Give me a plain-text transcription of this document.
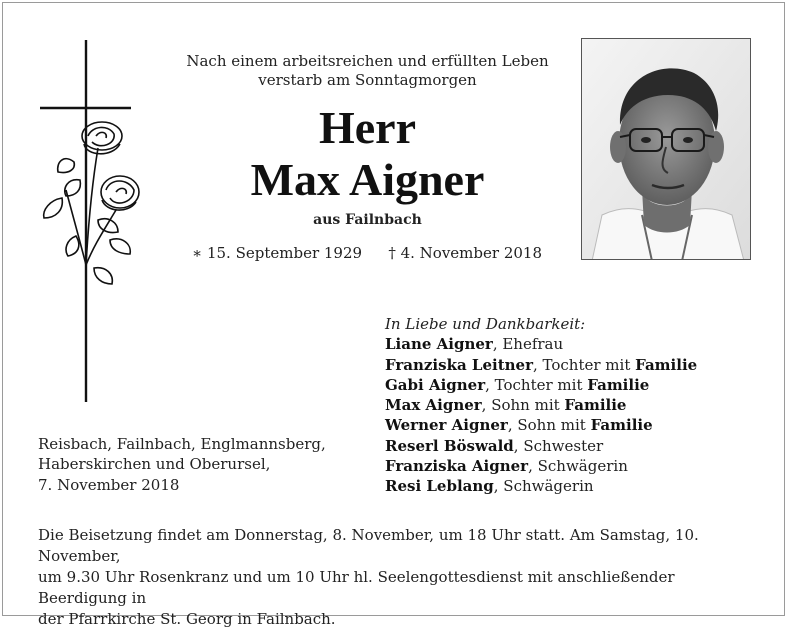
Nach einem arbeitsreichen und erfüllten Leben
verstarb am Sonntagmorgen
Herr
Max Aigner
aus Failnbach
∗ 15. September 1929 † 4. November 2018
In Liebe und Dankbarkeit:
Liane Aigner, Ehefrau
Franziska Leitner, Tochter mit Familie
Gabi Aigner, Tochter mit Familie
Max Aigner, Sohn mit Familie
Werner Aigner, Sohn mit Familie
Reserl Böswald, Schwester
Franziska Aigner, Schwägerin
Resi Leblang, Schwägerin
Reisbach, Failnbach, Englmannsberg,
Haberskirchen und Oberursel,
7. November 2018
Die Beisetzung findet am Donnerstag, 8. November, um 18 Uhr statt. Am Samstag, 10. November,
um 9.30 Uhr Rosenkranz und um 10 Uhr hl. Seelengottesdienst mit anschließender Beerdigung in
der Pfarrkirche St. Georg in Failnbach.
